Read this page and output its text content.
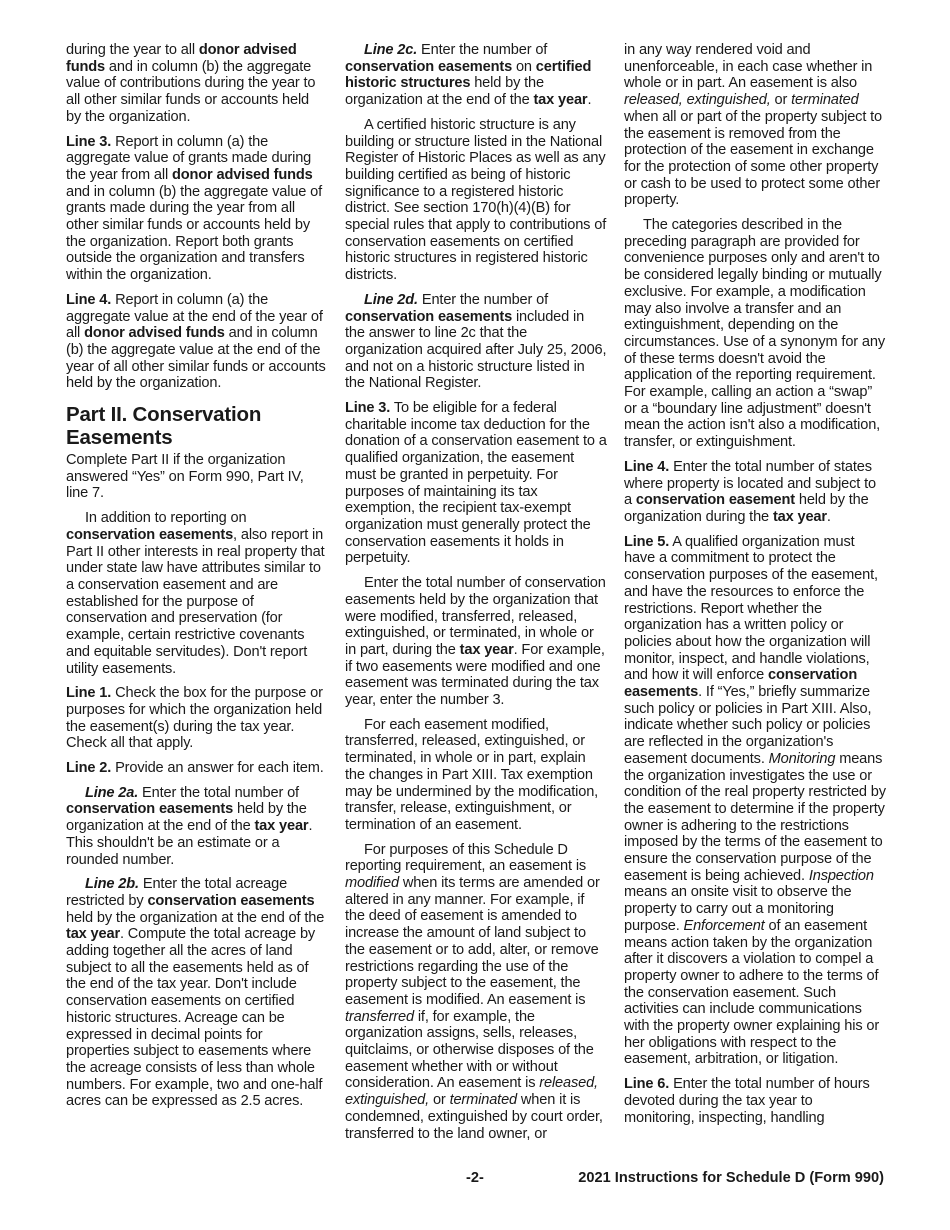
during the year to all donor advised funds and in column (b) the aggregate value of contributions during the year to all other similar funds or accounts held by the organization.

Line 3. Report in column (a) the aggregate value of grants made during the year from all donor advised funds and in column (b) the aggregate value of grants made during the year from all other similar funds or accounts held by the organization. Report both grants outside the organization and transfers within the organization.

Line 4. Report in column (a) the aggregate value at the end of the year of all donor advised funds and in column (b) the aggregate value at the end of the year of all other similar funds or accounts held by the organization.

Part II. Conservation Easements

Complete Part II if the organization answered “Yes” on Form 990, Part IV, line 7.

In addition to reporting on conservation easements, also report in Part II other interests in real property that under state law have attributes similar to a conservation easement and are established for the purpose of conservation and preservation (for example, certain restrictive covenants and equitable servitudes). Don't report utility easements.

Line 1. Check the box for the purpose or purposes for which the organization held the easement(s) during the tax year. Check all that apply.

Line 2. Provide an answer for each item.

Line 2a. Enter the total number of conservation easements held by the organization at the end of the tax year. This shouldn't be an estimate or a rounded number.

Line 2b. Enter the total acreage restricted by conservation easements held by the organization at the end of the tax year. Compute the total acreage by adding together all the acres of land subject to all the easements held as of the end of the tax year. Don't include conservation easements on certified historic structures. Acreage can be expressed in decimal points for properties subject to easements where the acreage consists of less than whole numbers. For example, two and one-half acres can be expressed as 2.5 acres.

Line 2c. Enter the number of conservation easements on certified historic structures held by the organization at the end of the tax year.

A certified historic structure is any building or structure listed in the National Register of Historic Places as well as any building certified as being of historic significance to a registered historic district. See section 170(h)(4)(B) for special rules that apply to contributions of conservation easements on certified historic structures in registered historic districts.

Line 2d. Enter the number of conservation easements included in the answer to line 2c that the organization acquired after July 25, 2006, and not on a historic structure listed in the National Register.

Line 3. To be eligible for a federal charitable income tax deduction for the donation of a conservation easement to a qualified organization, the easement must be granted in perpetuity. For purposes of maintaining its tax exemption, the recipient tax-exempt organization must generally protect the conservation easements it holds in perpetuity.

Enter the total number of conservation easements held by the organization that were modified, transferred, released, extinguished, or terminated, in whole or in part, during the tax year. For example, if two easements were modified and one easement was terminated during the tax year, enter the number 3.

For each easement modified, transferred, released, extinguished, or terminated, in whole or in part, explain the changes in Part XIII. Tax exemption may be undermined by the modification, transfer, release, extinguishment, or termination of an easement.

For purposes of this Schedule D reporting requirement, an easement is modified when its terms are amended or altered in any manner. For example, if the deed of easement is amended to increase the amount of land subject to the easement or to add, alter, or remove restrictions regarding the use of the property subject to the easement, the easement is modified. An easement is transferred if, for example, the organization assigns, sells, releases, quitclaims, or otherwise disposes of the easement whether with or without consideration. An easement is released, extinguished, or terminated when it is condemned, extinguished by court order, transferred to the land owner, or

in any way rendered void and unenforceable, in each case whether in whole or in part. An easement is also released, extinguished, or terminated when all or part of the property subject to the easement is removed from the protection of the easement in exchange for the protection of some other property or cash to be used to protect some other property.

The categories described in the preceding paragraph are provided for convenience purposes only and aren't to be considered legally binding or mutually exclusive. For example, a modification may also involve a transfer and an extinguishment, depending on the circumstances. Use of a synonym for any of these terms doesn't avoid the application of the reporting requirement. For example, calling an action a “swap” or a “boundary line adjustment” doesn't mean the action isn't also a modification, transfer, or extinguishment.

Line 4. Enter the total number of states where property is located and subject to a conservation easement held by the organization during the tax year.

Line 5. A qualified organization must have a commitment to protect the conservation purposes of the easement, and have the resources to enforce the restrictions. Report whether the organization has a written policy or policies about how the organization will monitor, inspect, and handle violations, and how it will enforce conservation easements. If “Yes,” briefly summarize such policy or policies in Part XIII. Also, indicate whether such policy or policies are reflected in the organization's easement documents. Monitoring means the organization investigates the use or condition of the real property restricted by the easement to determine if the property owner is adhering to the restrictions imposed by the terms of the easement to ensure the conservation purpose of the easement is being achieved. Inspection means an onsite visit to observe the property to carry out a monitoring purpose. Enforcement of an easement means action taken by the organization after it discovers a violation to compel a property owner to adhere to the terms of the conservation easement. Such activities can include communications with the property owner explaining his or her obligations with respect to the easement, arbitration, or litigation.

Line 6. Enter the total number of hours devoted during the tax year to monitoring, inspecting, handling

-2-	2021 Instructions for Schedule D (Form 990)
